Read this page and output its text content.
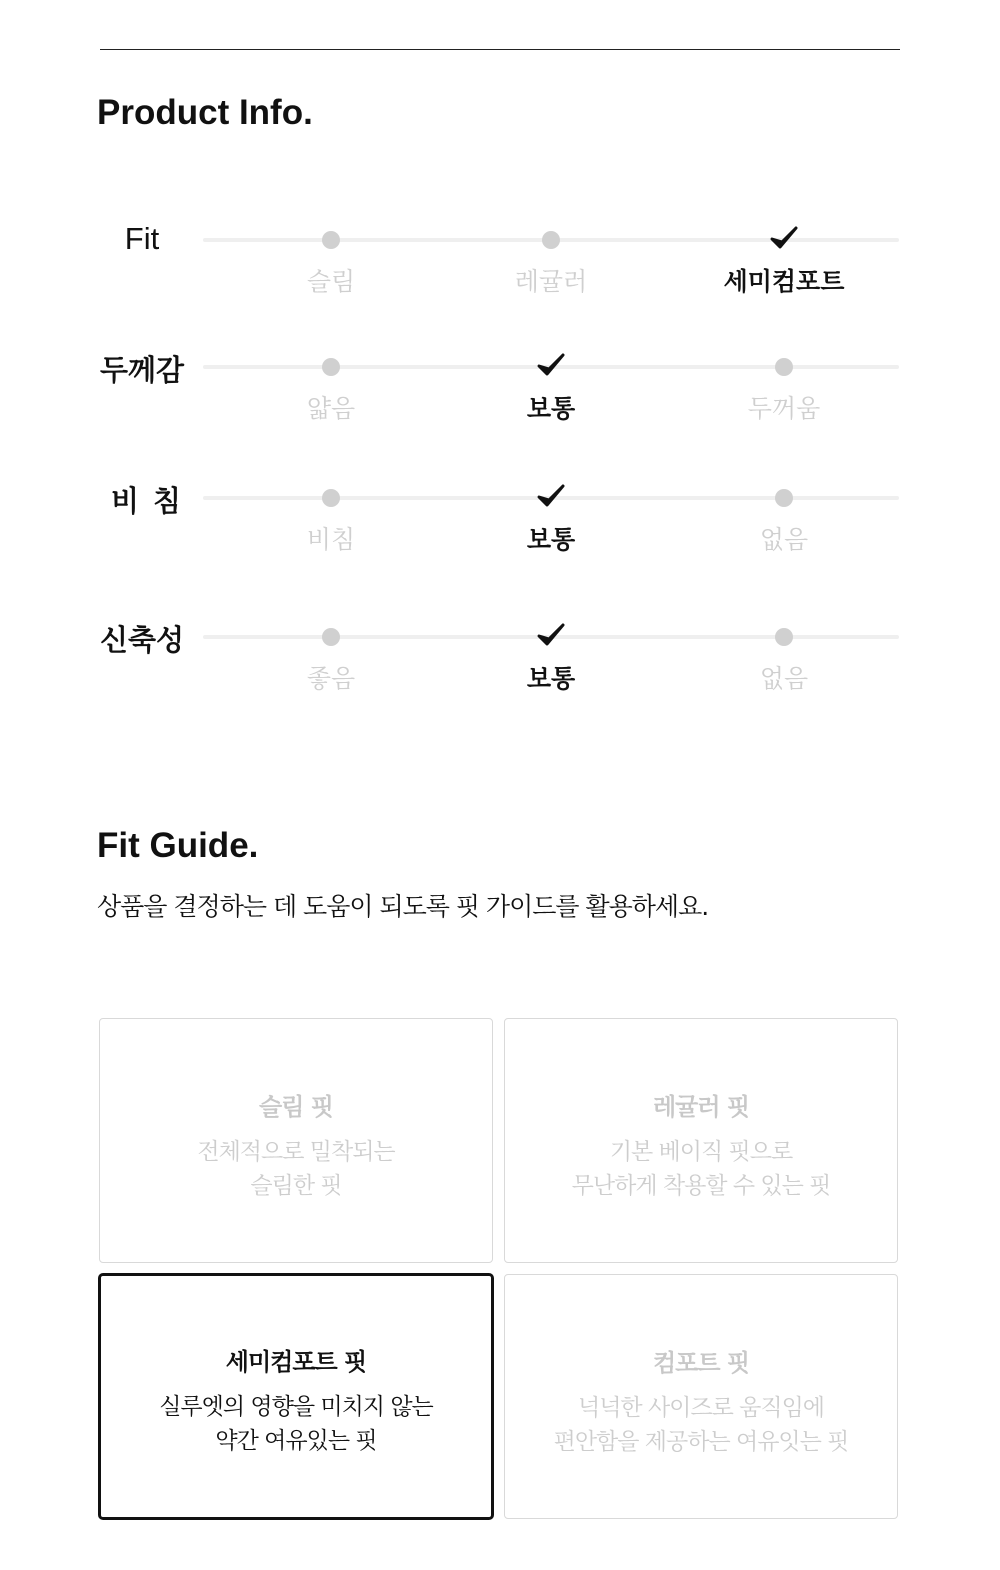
Product Info.
Fit
슬림	레귤러	세미컴포트
두께감
얇음	보통	두꺼움
비침
비침	보통	없음
신축성
좋음	보통	없음
Fit Guide.

상품을 결정하는 데 도움이 되도록 핏 가이드를 활용하세요.

슬림 핏
전체적으로 밀착되는
슬림한 핏
레귤러 핏
기본 베이직 핏으로
무난하게 착용할 수 있는 핏
세미컴포트 핏
실루엣의 영향을 미치지 않는
약간 여유있는 핏
컴포트 핏
넉넉한 사이즈로 움직임에
편안함을 제공하는 여유잇는 핏
